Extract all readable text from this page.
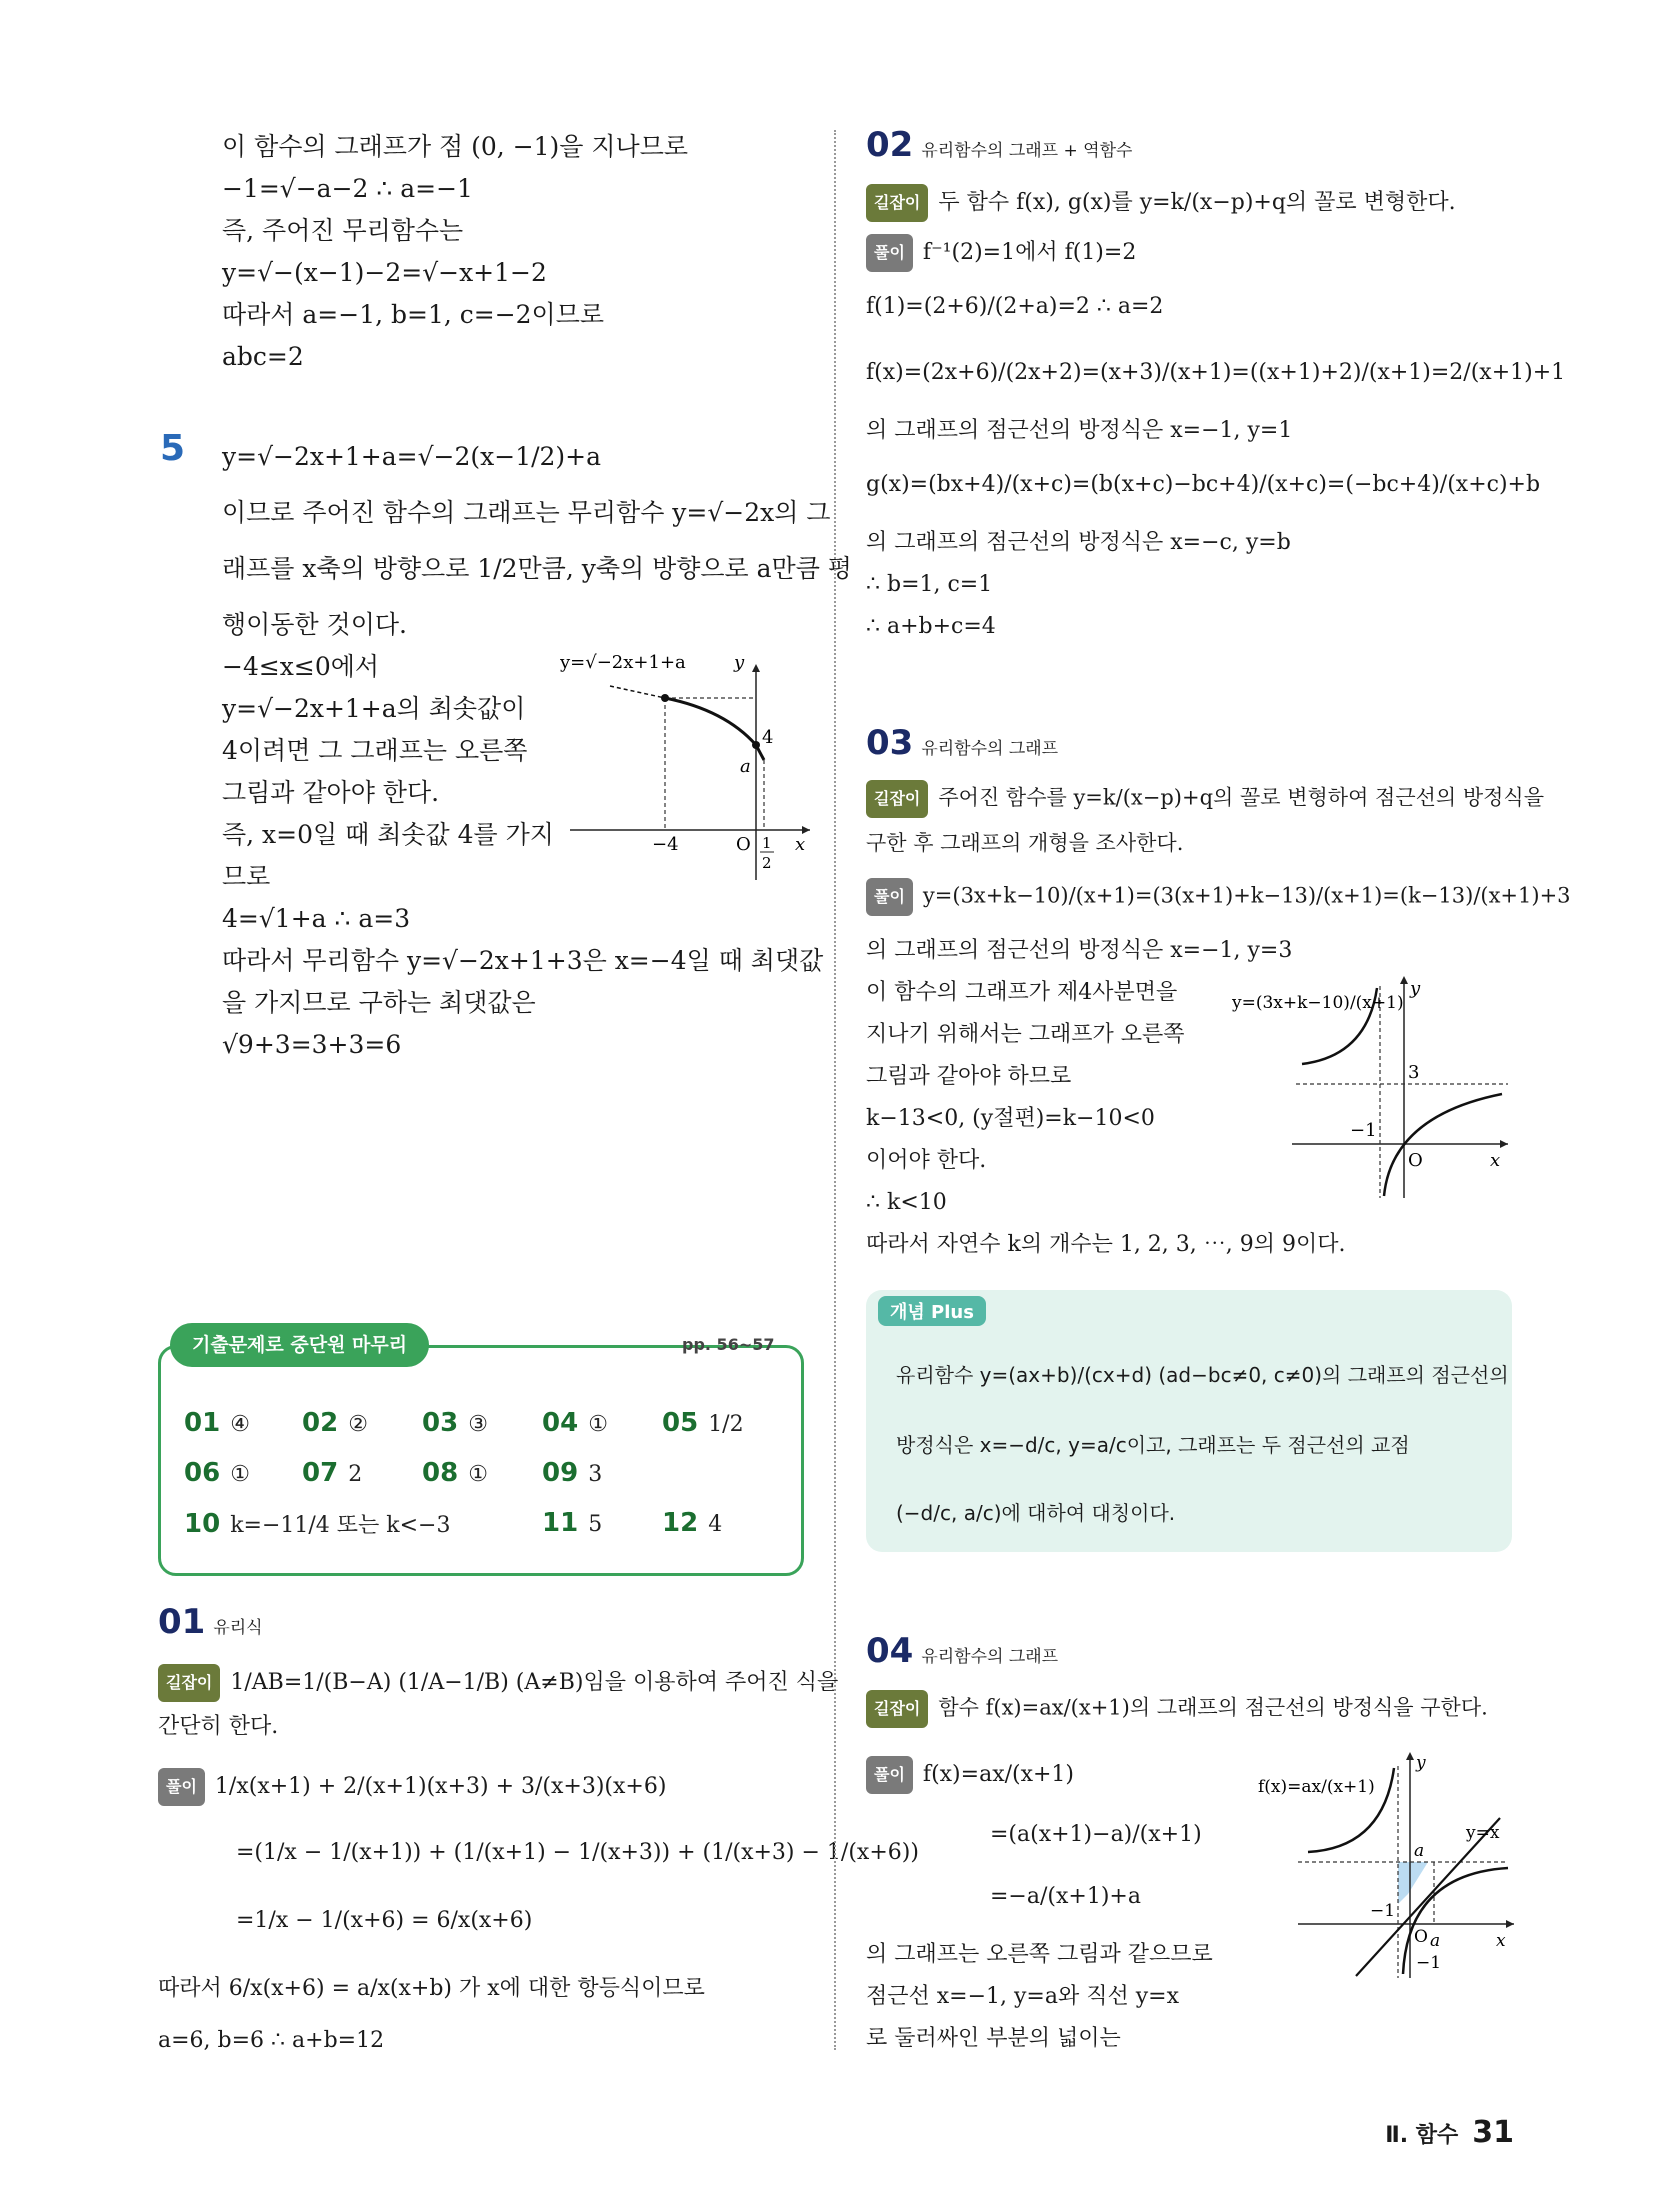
이 함수의 그래프가 점 (0, −1)을 지나므로
−1=√−a−2 ∴ a=−1
즉, 주어진 무리함수는
y=√−(x−1)−2=√−x+1−2
따라서 a=−1, b=1, c=−2이므로
abc=2
5 y=√−2x+1+a=√−2(x−1/2)+a
이므로 주어진 함수의 그래프는 무리함수 y=√−2x의 그
래프를 x축의 방향으로 1/2만큼, y축의 방향으로 a만큼 평
행이동한 것이다.
−4≤x≤0에서
y=√−2x+1+a의 최솟값이
4이려면 그 그래프는 오른쪽
그림과 같아야 한다.
즉, x=0일 때 최솟값 4를 가지
므로
4=√1+a ∴ a=3
따라서 무리함수 y=√−2x+1+3은 x=−4일 때 최댓값
을 가지므로 구하는 최댓값은
√9+3=3+3=6
y=√−2x+1+a	y
x
O
−4	1
2
4
a
기출문제로 중단원 마무리	pp. 56~57
01 ④ 02 ② 03 ③ 04 ① 05 1/2
06 ① 07 2 08 ① 09 3
10 k=−11/4 또는 k<−3	11 5 12 4
01 유리식
길잡이 1/AB=1/(B−A) (1/A−1/B) (A≠B)임을 이용하여 주어진 식을
간단히 한다.
풀이 1/x(x+1) + 2/(x+1)(x+3) + 3/(x+3)(x+6)
=(1/x − 1/(x+1)) + (1/(x+1) − 1/(x+3)) + (1/(x+3) − 1/(x+6))
=1/x − 1/(x+6) = 6/x(x+6)
따라서 6/x(x+6) = a/x(x+b) 가 x에 대한 항등식이므로
a=6, b=6 ∴ a+b=12
02 유리함수의 그래프 + 역함수
길잡이 두 함수 f(x), g(x)를 y=k/(x−p)+q의 꼴로 변형한다.
풀이 f⁻¹(2)=1에서 f(1)=2
f(1)=(2+6)/(2+a)=2 ∴ a=2
f(x)=(2x+6)/(2x+2)=(x+3)/(x+1)=((x+1)+2)/(x+1)=2/(x+1)+1
의 그래프의 점근선의 방정식은 x=−1, y=1
g(x)=(bx+4)/(x+c)=(b(x+c)−bc+4)/(x+c)=(−bc+4)/(x+c)+b
의 그래프의 점근선의 방정식은 x=−c, y=b
∴ b=1, c=1
∴ a+b+c=4
03 유리함수의 그래프
길잡이 주어진 함수를 y=k/(x−p)+q의 꼴로 변형하여 점근선의 방정식을
구한 후 그래프의 개형을 조사한다.
풀이 y=(3x+k−10)/(x+1)=(3(x+1)+k−13)/(x+1)=(k−13)/(x+1)+3
의 그래프의 점근선의 방정식은 x=−1, y=3
이 함수의 그래프가 제4사분면을
지나기 위해서는 그래프가 오른쪽
그림과 같아야 하므로
k−13<0, (y절편)=k−10<0
이어야 한다.
∴ k<10
따라서 자연수 k의 개수는 1, 2, 3, ⋯, 9의 9이다.
y=(3x+k−10)/(x+1)
y
x
O
3
−1
개념 Plus
유리함수 y=(ax+b)/(cx+d) (ad−bc≠0, c≠0)의 그래프의 점근선의
방정식은 x=−d/c, y=a/c이고, 그래프는 두 점근선의 교점
(−d/c, a/c)에 대하여 대칭이다.
04 유리함수의 그래프
길잡이 함수 f(x)=ax/(x+1)의 그래프의 점근선의 방정식을 구한다.
풀이 f(x)=ax/(x+1)
=(a(x+1)−a)/(x+1)
=−a/(x+1)+a
의 그래프는 오른쪽 그림과 같으므로
점근선 x=−1, y=a와 직선 y=x
로 둘러싸인 부분의 넓이는
f(x)=ax/(x+1)
y=x
y
x
O
a
a
−1
−1
Ⅱ. 함수 31
